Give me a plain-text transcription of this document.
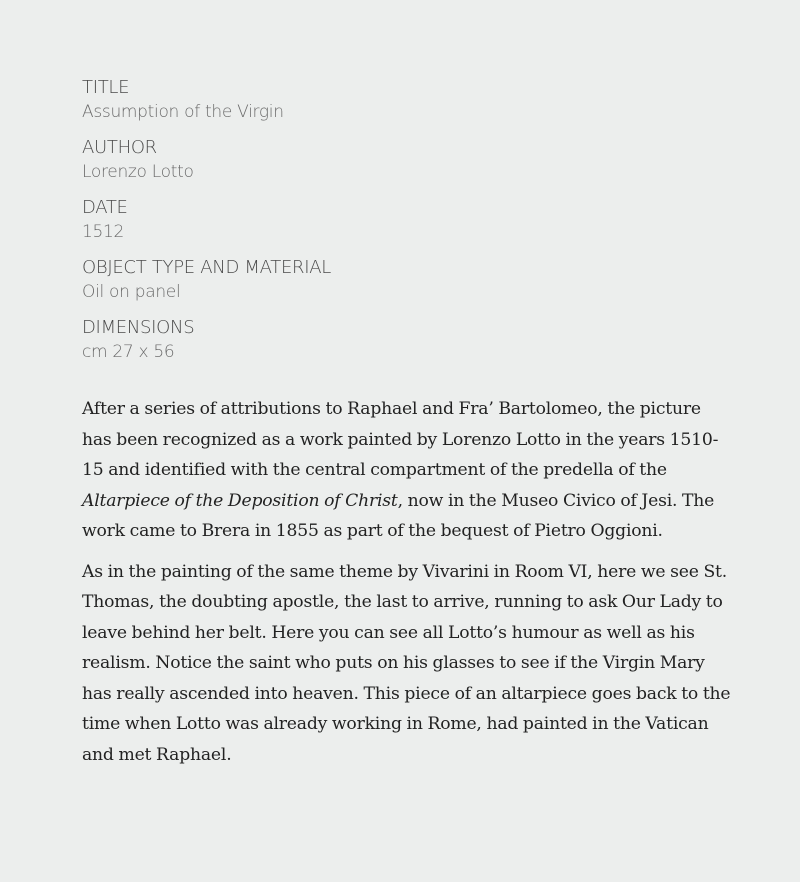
TITLE
Assumption of the Virgin
AUTHOR
Lorenzo Lotto
DATE
1512
OBJECT TYPE AND MATERIAL
Oil on panel
DIMENSIONS
cm 27 x 56

After a series of attributions to Raphael and Fra’ Bartolomeo, the picture has been recognized as a work painted by Lorenzo Lotto in the years 1510-15 and identified with the central compartment of the predella of the Altarpiece of the Deposition of Christ, now in the Museo Civico of Jesi. The work came to Brera in 1855 as part of the bequest of Pietro Oggioni.

As in the painting of the same theme by Vivarini in Room VI, here we see St. Thomas, the doubting apostle, the last to arrive, running to ask Our Lady to leave behind her belt. Here you can see all Lotto’s humour as well as his realism. Notice the saint who puts on his glasses to see if the Virgin Mary has really ascended into heaven. This piece of an altarpiece goes back to the time when Lotto was already working in Rome, had painted in the Vatican and met Raphael.
